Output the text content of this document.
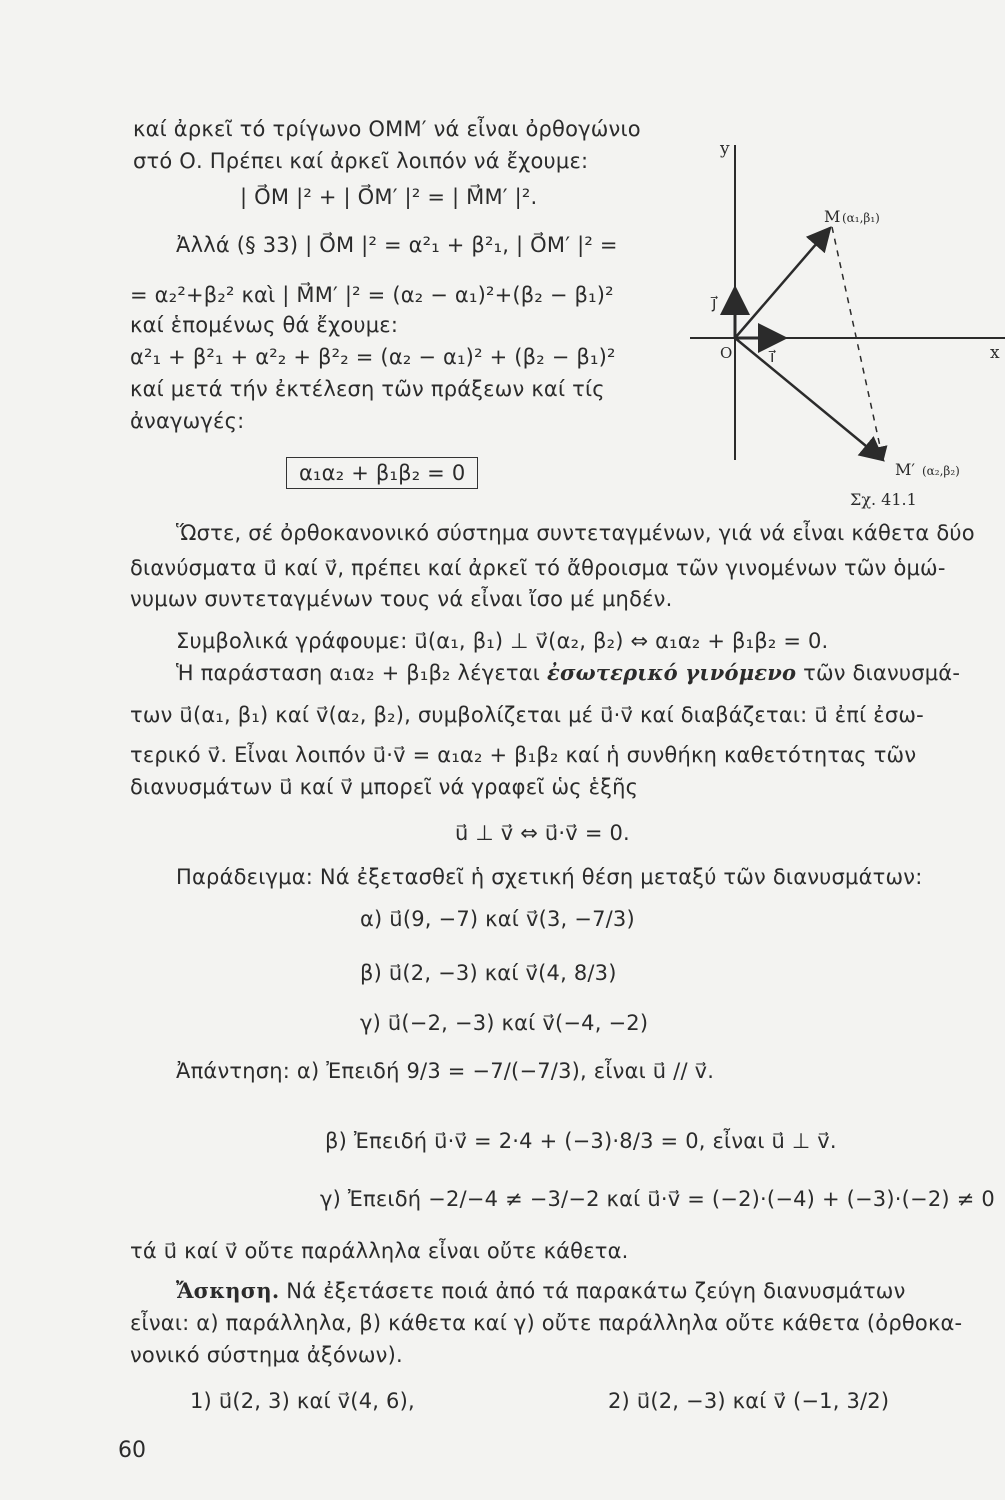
καί ἀρκεῖ τό τρίγωνο ΟΜΜ′ νά εἶναι ὀρθογώνιο
στό Ο. Πρέπει καί ἀρκεῖ λοιπόν νά ἔχουμε:
| O⃗M |² + | O⃗M′ |² = | M⃗M′ |².
Ἀλλά (§ 33) | O⃗M |² = α²₁ + β²₁, | O⃗M′ |² =
= α₂²+β₂² καὶ | M⃗M′ |² = (α₂ − α₁)²+(β₂ − β₁)²
καί ἑπομένως θά ἔχουμε:
α²₁ + β²₁ + α²₂ + β²₂ = (α₂ − α₁)² + (β₂ − β₁)²
καί μετά τήν ἐκτέλεση τῶν πράξεων καί τίς
ἀναγωγές:
α₁α₂ + β₁β₂ = 0
y
x
O
j⃗
i⃗
M (α₁,β₁)
M′ (α₂,β₂)
Σχ. 41.1
Ὥστε, σέ ὀρθοκανονικό σύστημα συντεταγμένων, γιά νά εἶναι κάθετα δύο
διανύσματα u⃗ καί v⃗, πρέπει καί ἀρκεῖ τό ἄθροισμα τῶν γινομένων τῶν ὁμώ-
νυμων συντεταγμένων τους νά εἶναι ἴσο μέ μηδέν.
Συμβολικά γράφουμε: u⃗(α₁, β₁) ⊥ v⃗(α₂, β₂) ⇔ α₁α₂ + β₁β₂ = 0.
Ἡ παράσταση α₁α₂ + β₁β₂ λέγεται ἐσωτερικό γινόμενο τῶν διανυσμά-
των u⃗(α₁, β₁) καί v⃗(α₂, β₂), συμβολίζεται μέ u⃗·v⃗ καί διαβάζεται: u⃗ ἐπί ἐσω-
τερικό v⃗. Εἶναι λοιπόν u⃗·v⃗ = α₁α₂ + β₁β₂ καί ἡ συνθήκη καθετότητας τῶν
διανυσμάτων u⃗ καί v⃗ μπορεῖ νά γραφεῖ ὡς ἑξῆς
u⃗ ⊥ v⃗ ⇔ u⃗·v⃗ = 0.
Παράδειγμα: Νά ἐξετασθεῖ ἡ σχετική θέση μεταξύ τῶν διανυσμάτων:
α) u⃗(9, −7) καί v⃗(3, −7/3)
β) u⃗(2, −3) καί v⃗(4, 8/3)
γ) u⃗(−2, −3) καί v⃗(−4, −2)
Ἀπάντηση: α) Ἐπειδή 9/3 = −7/(−7/3), εἶναι u⃗ // v⃗.
β) Ἐπειδή u⃗·v⃗ = 2·4 + (−3)·8/3 = 0, εἶναι u⃗ ⊥ v⃗.
γ) Ἐπειδή −2/−4 ≠ −3/−2 καί u⃗·v⃗ = (−2)·(−4) + (−3)·(−2) ≠ 0
τά u⃗ καί v⃗ οὔτε παράλληλα εἶναι οὔτε κάθετα.
Ἄσκηση. Νά ἐξετάσετε ποιά ἀπό τά παρακάτω ζεύγη διανυσμάτων
εἶναι: α) παράλληλα, β) κάθετα καί γ) οὔτε παράλληλα οὔτε κάθετα (ὀρθοκα-
νονικό σύστημα ἀξόνων).
1) u⃗(2, 3) καί v⃗(4, 6),	2) u⃗(2, −3) καί v⃗ (−1, 3/2)
60
